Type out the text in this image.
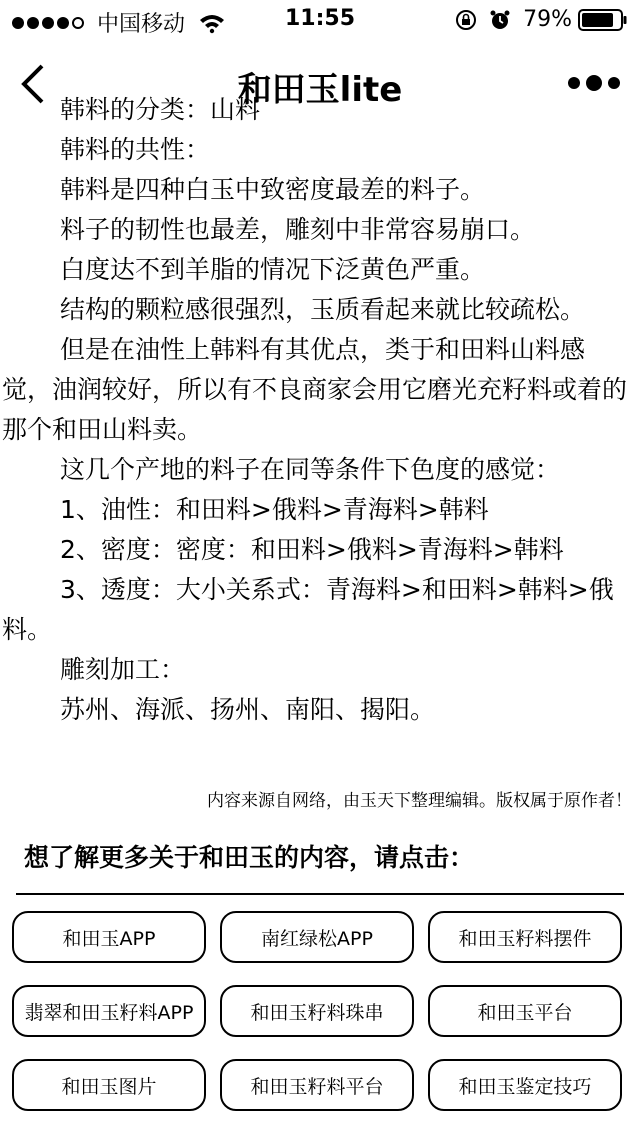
中国移动	11:55	79%
和田玉lite

韩料的分类：山料

韩料的共性：

韩料是四种白玉中致密度最差的料子。

料子的韧性也最差，雕刻中非常容易崩口。

白度达不到羊脂的情况下泛黄色严重。

结构的颗粒感很强烈，玉质看起来就比较疏松。

但是在油性上韩料有其优点，类于和田料山料感觉，油润较好，所以有不良商家会用它磨光充籽料或着的那个和田山料卖。

这几个产地的料子在同等条件下色度的感觉：

1、油性：和田料>俄料>青海料>韩料

2、密度：密度：和田料>俄料>青海料>韩料

3、透度：大小关系式：青海料>和田料>韩料>俄料。

雕刻加工：

苏州、海派、扬州、南阳、揭阳。

内容来源自网络，由玉天下整理编辑。版权属于原作者！
想了解更多关于和田玉的内容，请点击：
和田玉APP	南红绿松APP	和田玉籽料摆件
翡翠和田玉籽料APP	和田玉籽料珠串	和田玉平台
和田玉图片	和田玉籽料平台	和田玉鉴定技巧
